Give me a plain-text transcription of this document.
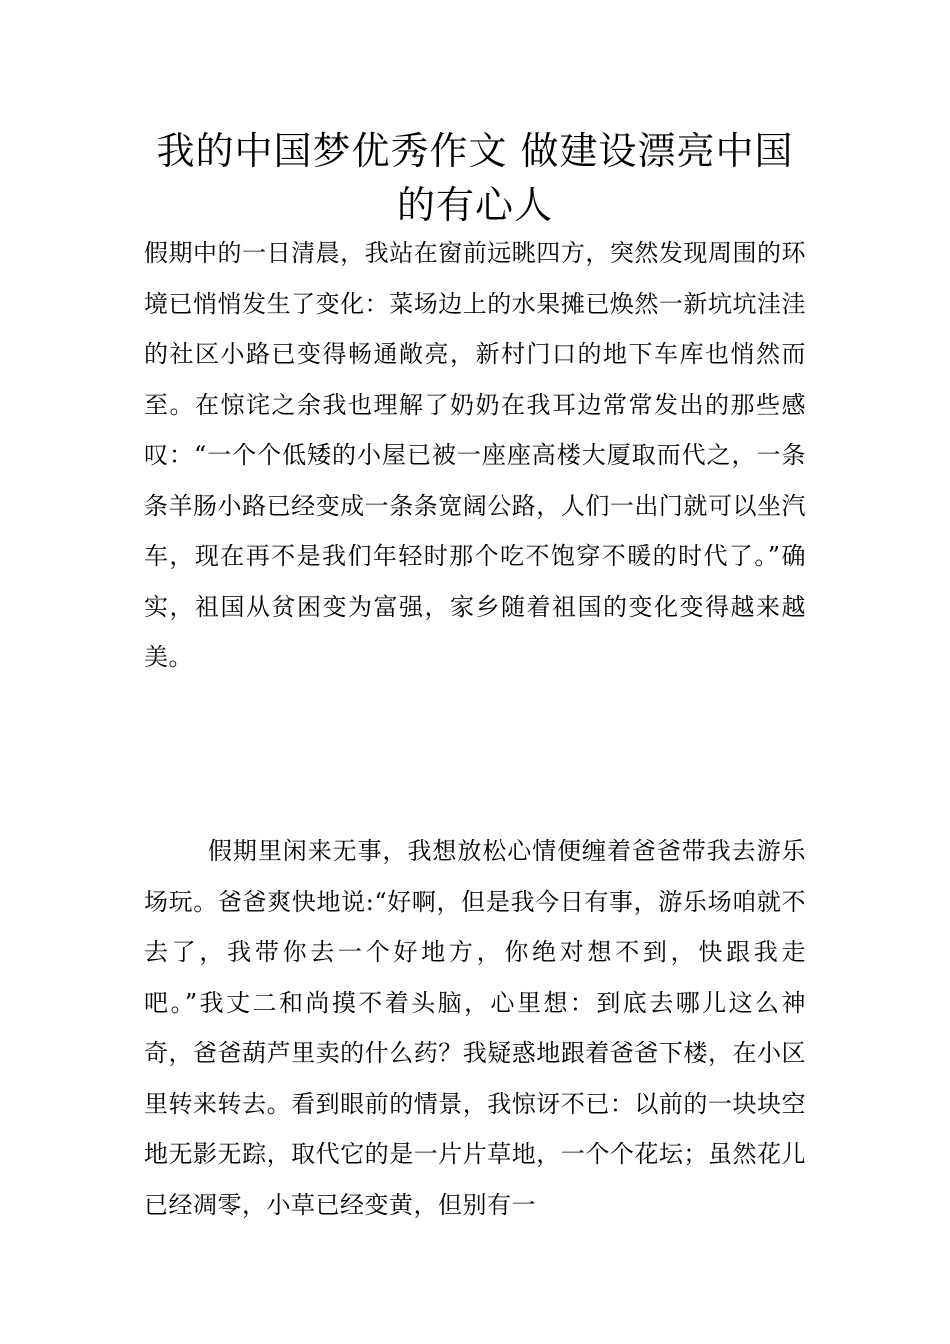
我的中国梦优秀作文 做建设漂亮中国的有心人

假期中的一日清晨，我站在窗前远眺四方，突然发现周围的环境已悄悄发生了变化：菜场边上的水果摊已焕然一新坑坑洼洼的社区小路已变得畅通敞亮，新村门口的地下车库也悄然而至。在惊诧之余我也理解了奶奶在我耳边常常发出的那些感叹：“一个个低矮的小屋已被一座座高楼大厦取而代之，一条条羊肠小路已经变成一条条宽阔公路，人们一出门就可以坐汽车，现在再不是我们年轻时那个吃不饱穿不暖的时代了。”确实，祖国从贫困变为富强，家乡随着祖国的变化变得越来越美。

假期里闲来无事，我想放松心情便缠着爸爸带我去游乐场玩。爸爸爽快地说:“好啊，但是我今日有事，游乐场咱就不去了，我带你去一个好地方，你绝对想不到，快跟我走吧。”我丈二和尚摸不着头脑，心里想：到底去哪儿这么神奇，爸爸葫芦里卖的什么药？我疑惑地跟着爸爸下楼，在小区里转来转去。看到眼前的情景，我惊讶不已：以前的一块块空地无影无踪，取代它的是一片片草地，一个个花坛；虽然花儿已经凋零，小草已经变黄，但别有一
